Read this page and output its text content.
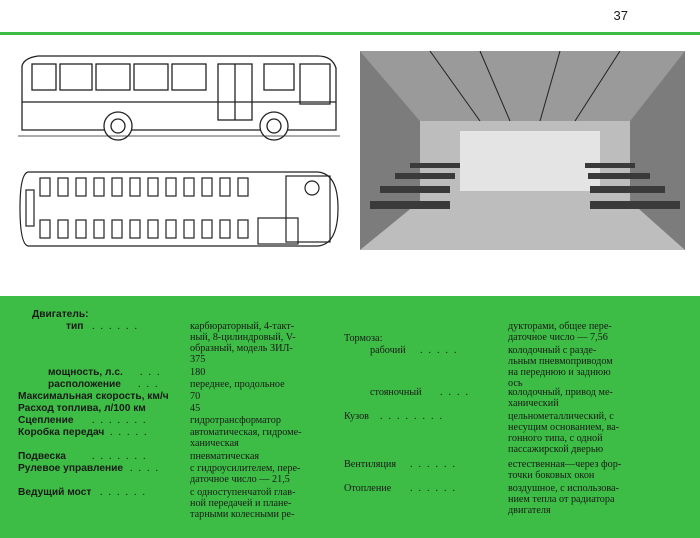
37
Двигатель:
тип ......	карбюраторный, 4-такт-
ный, 8-цилиндровый, V-
образный, модель ЗИЛ-
375
мощность, л.с. ... 180
расположение ...	переднее, продольное
Максимальная скорость, км/ч 70
Расход топлива, л/100 км	45
Сцепление .......	гидротрансформатор
Коробка передач .....	автоматическая, гидроме-
ханическая
Подвеска	.......	пневматическая
Рулевое управление ....	с гидроусилителем, пере-
даточное число — 21,5
Ведущий мост ......	с одноступенчатой глав-
ной передачей и плане-
тарными колесными ре-
дукторами, общее пере-
даточное число — 7,56
Тормоза:
рабочий .....	колодочный с разде-
льным пневмоприводом
на переднюю и заднюю
ось
стояночный ....	колодочный, привод ме-
ханический
Кузов ........	цельнометаллический, с
несущим основанием, ва-
гонного типа, с одной
пассажирской дверью
Вентиляция ......	естественная—через фор-
точки боковых окон
Отопление ......	воздушное, с использова-
нием тепла от радиатора
двигателя
